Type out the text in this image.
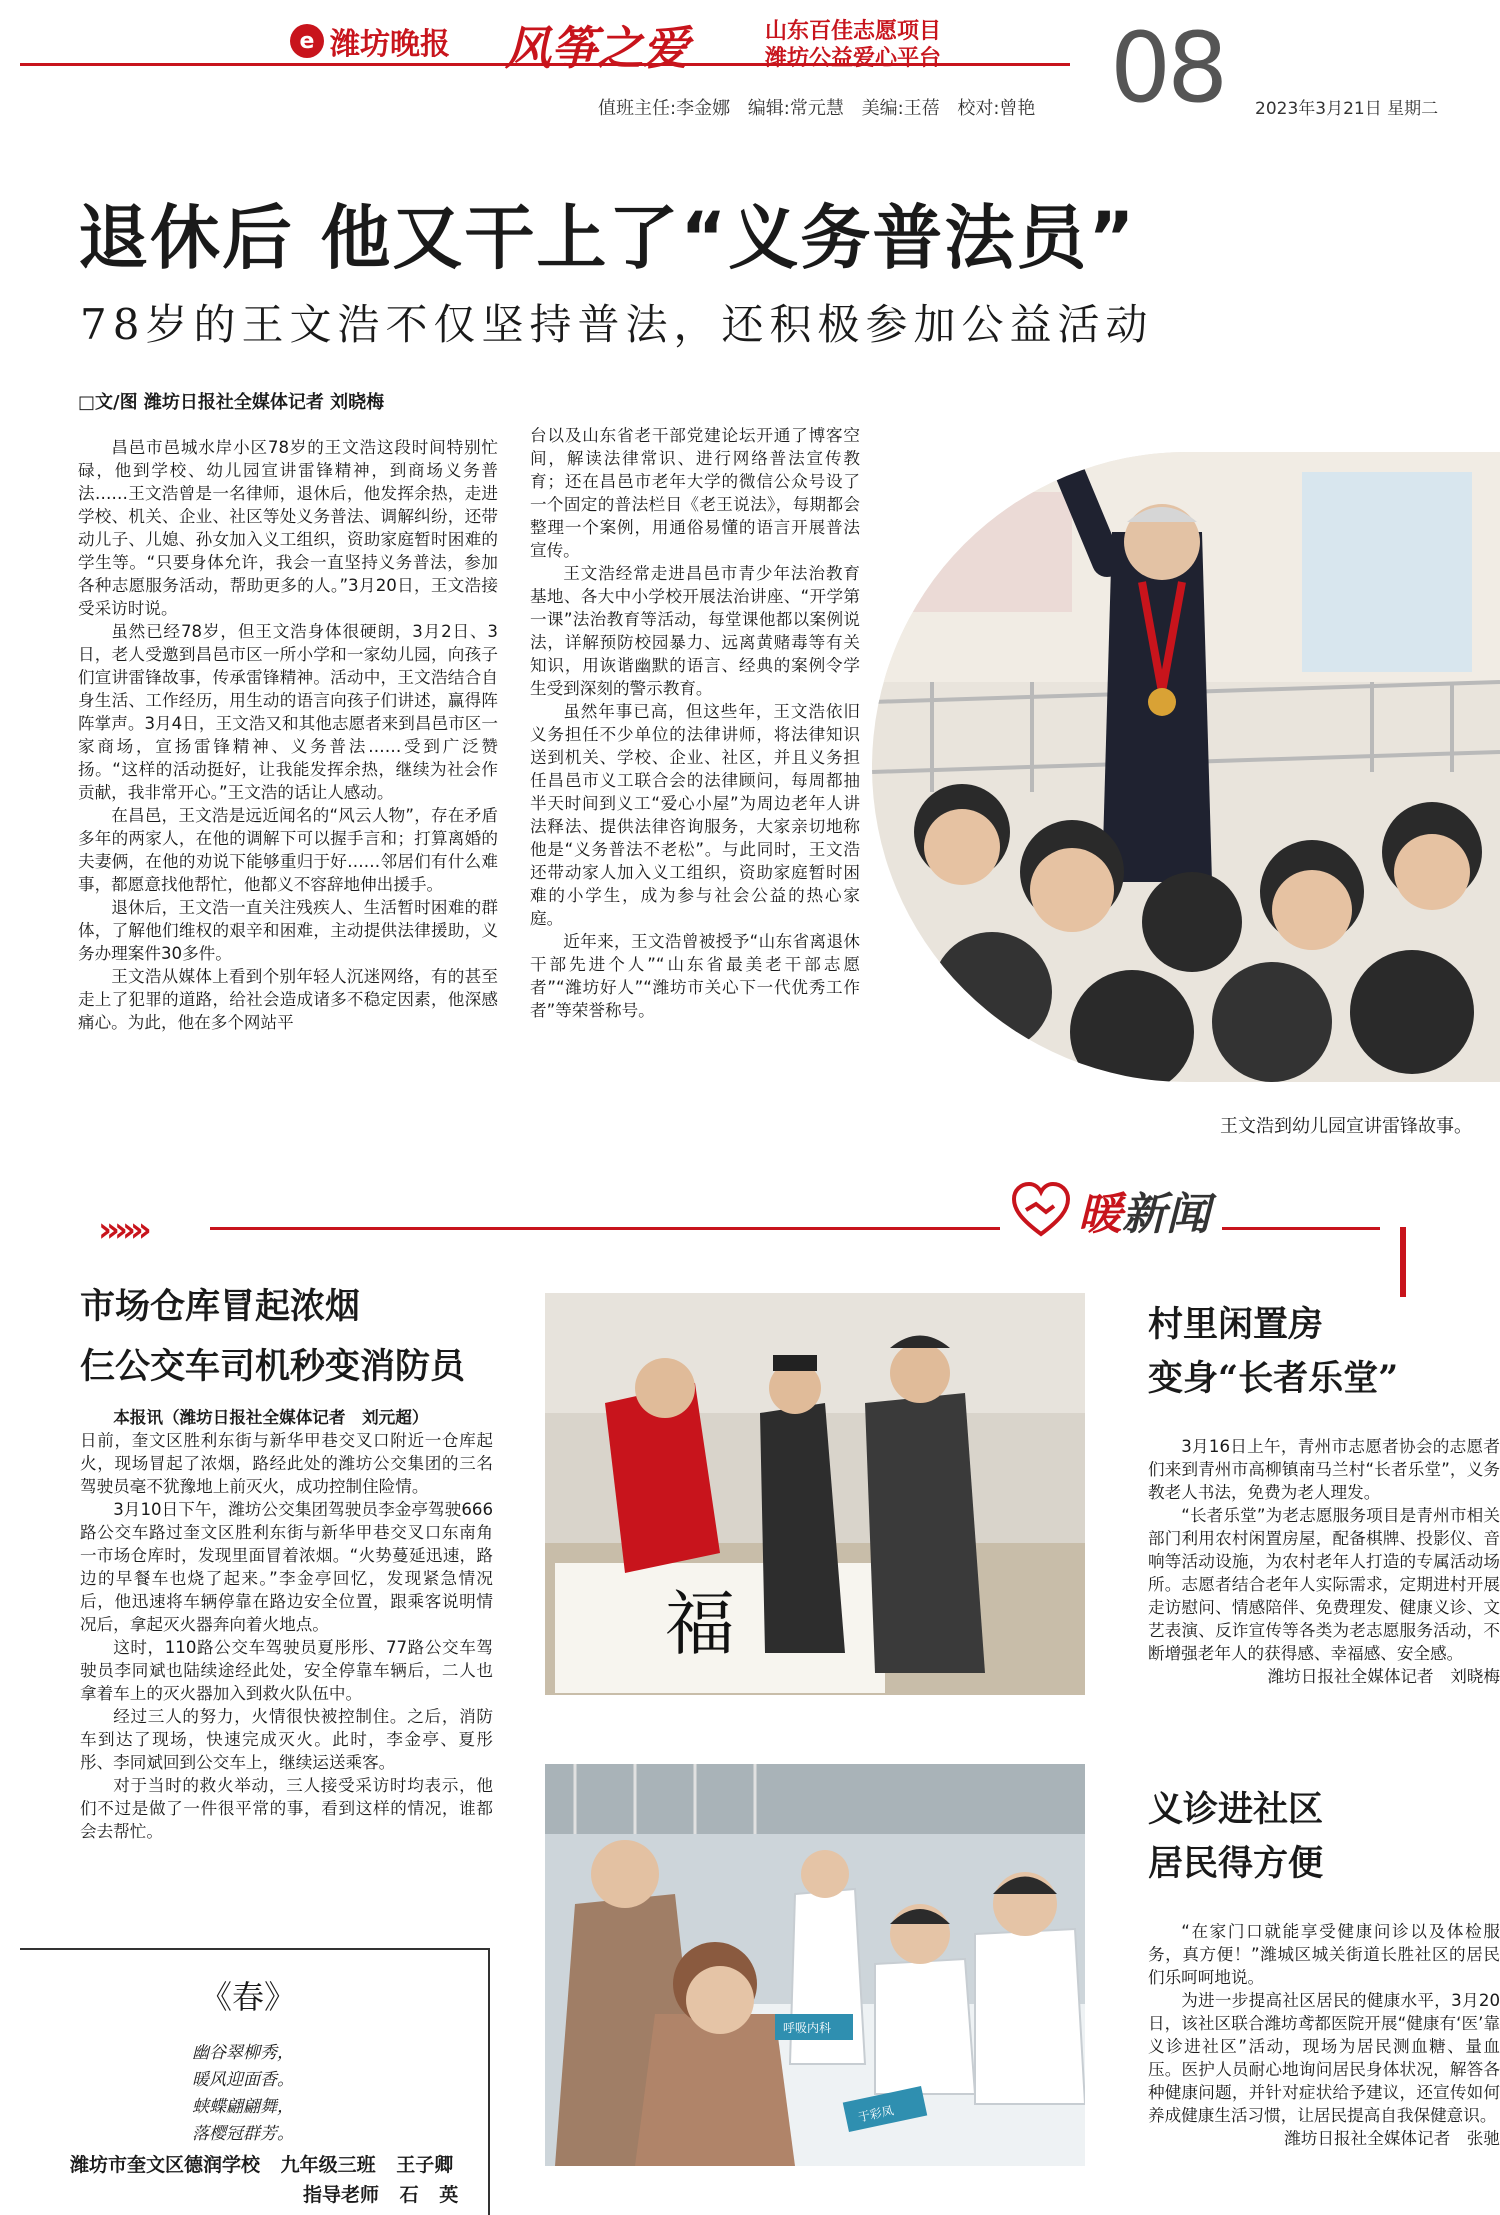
e 潍坊晚报 风筝之爱	山东百佳志愿项目
潍坊公益爱心平台 08
值班主任:李金娜 编辑:常元慧 美编:王蓓 校对:曾艳	2023年3月21日 星期二
退休后 他又干上了“义务普法员”
78岁的王文浩不仅坚持普法，还积极参加公益活动
□文/图 潍坊日报社全媒体记者 刘晓梅

昌邑市邑城水岸小区78岁的王文浩这段时间特别忙碌，他到学校、幼儿园宣讲雷锋精神，到商场义务普法……王文浩曾是一名律师，退休后，他发挥余热，走进学校、机关、企业、社区等处义务普法、调解纠纷，还带动儿子、儿媳、孙女加入义工组织，资助家庭暂时困难的学生等。“只要身体允许，我会一直坚持义务普法，参加各种志愿服务活动，帮助更多的人。”3月20日，王文浩接受采访时说。

虽然已经78岁，但王文浩身体很硬朗，3月2日、3日，老人受邀到昌邑市区一所小学和一家幼儿园，向孩子们宣讲雷锋故事，传承雷锋精神。活动中，王文浩结合自身生活、工作经历，用生动的语言向孩子们讲述，赢得阵阵掌声。3月4日，王文浩又和其他志愿者来到昌邑市区一家商场，宣扬雷锋精神、义务普法……受到广泛赞扬。“这样的活动挺好，让我能发挥余热，继续为社会作贡献，我非常开心。”王文浩的话让人感动。

在昌邑，王文浩是远近闻名的“风云人物”，存在矛盾多年的两家人，在他的调解下可以握手言和；打算离婚的夫妻俩，在他的劝说下能够重归于好……邻居们有什么难事，都愿意找他帮忙，他都义不容辞地伸出援手。

退休后，王文浩一直关注残疾人、生活暂时困难的群体，了解他们维权的艰辛和困难，主动提供法律援助，义务办理案件30多件。

王文浩从媒体上看到个别年轻人沉迷网络，有的甚至走上了犯罪的道路，给社会造成诸多不稳定因素，他深感痛心。为此，他在多个网站平

台以及山东省老干部党建论坛开通了博客空间，解读法律常识、进行网络普法宣传教育；还在昌邑市老年大学的微信公众号设了一个固定的普法栏目《老王说法》，每期都会整理一个案例，用通俗易懂的语言开展普法宣传。

王文浩经常走进昌邑市青少年法治教育基地、各大中小学校开展法治讲座、“开学第一课”法治教育等活动，每堂课他都以案例说法，详解预防校园暴力、远离黄赌毒等有关知识，用诙谐幽默的语言、经典的案例令学生受到深刻的警示教育。

虽然年事已高，但这些年，王文浩依旧义务担任不少单位的法律讲师，将法律知识送到机关、学校、企业、社区，并且义务担任昌邑市义工联合会的法律顾问，每周都抽半天时间到义工“爱心小屋”为周边老年人讲法释法、提供法律咨询服务，大家亲切地称他是“义务普法不老松”。与此同时，王文浩还带动家人加入义工组织，资助家庭暂时困难的小学生，成为参与社会公益的热心家庭。

近年来，王文浩曾被授予“山东省离退休干部先进个人”“山东省最美老干部志愿者”“潍坊好人”“潍坊市关心下一代优秀工作者”等荣誉称号。

王文浩到幼儿园宣讲雷锋故事。
»»»	暖新闻
市场仓库冒起浓烟
仨公交车司机秒变消防员

本报讯（潍坊日报社全媒体记者　刘元超）

日前，奎文区胜利东街与新华甲巷交叉口附近一仓库起火，现场冒起了浓烟，路经此处的潍坊公交集团的三名驾驶员毫不犹豫地上前灭火，成功控制住险情。

3月10日下午，潍坊公交集团驾驶员李金亭驾驶666路公交车路过奎文区胜利东街与新华甲巷交叉口东南角一市场仓库时，发现里面冒着浓烟。“火势蔓延迅速，路边的早餐车也烧了起来。”李金亭回忆，发现紧急情况后，他迅速将车辆停靠在路边安全位置，跟乘客说明情况后，拿起灭火器奔向着火地点。

这时，110路公交车驾驶员夏彤彤、77路公交车驾驶员李同斌也陆续途经此处，安全停靠车辆后，二人也拿着车上的灭火器加入到救火队伍中。

经过三人的努力，火情很快被控制住。之后，消防车到达了现场，快速完成灭火。此时，李金亭、夏彤彤、李同斌回到公交车上，继续运送乘客。

对于当时的救火举动，三人接受采访时均表示，他们不过是做了一件很平常的事，看到这样的情况，谁都会去帮忙。

福
呼吸内科
于彩凤
村里闲置房
变身“长者乐堂”

3月16日上午，青州市志愿者协会的志愿者们来到青州市高柳镇南马兰村“长者乐堂”，义务教老人书法，免费为老人理发。

“长者乐堂”为老志愿服务项目是青州市相关部门利用农村闲置房屋，配备棋牌、投影仪、音响等活动设施，为农村老年人打造的专属活动场所。志愿者结合老年人实际需求，定期进村开展走访慰问、情感陪伴、免费理发、健康义诊、文艺表演、反诈宣传等各类为老志愿服务活动，不断增强老年人的获得感、幸福感、安全感。

潍坊日报社全媒体记者　刘晓梅

义诊进社区
居民得方便

“在家门口就能享受健康问诊以及体检服务，真方便！”潍城区城关街道长胜社区的居民们乐呵呵地说。

为进一步提高社区居民的健康水平，3月20日，该社区联合潍坊鸢都医院开展“健康有‘医’靠　义诊进社区”活动，现场为居民测血糖、量血压。医护人员耐心地询问居民身体状况，解答各种健康问题，并针对症状给予建议，还宣传如何养成健康生活习惯，让居民提高自我保健意识。

潍坊日报社全媒体记者　张驰

《春》
幽谷翠柳秀，
暖风迎面香。
蛱蝶翩翩舞，
落樱冠群芳。
潍坊市奎文区德润学校 九年级三班 王子卿
指导老师 石 英
